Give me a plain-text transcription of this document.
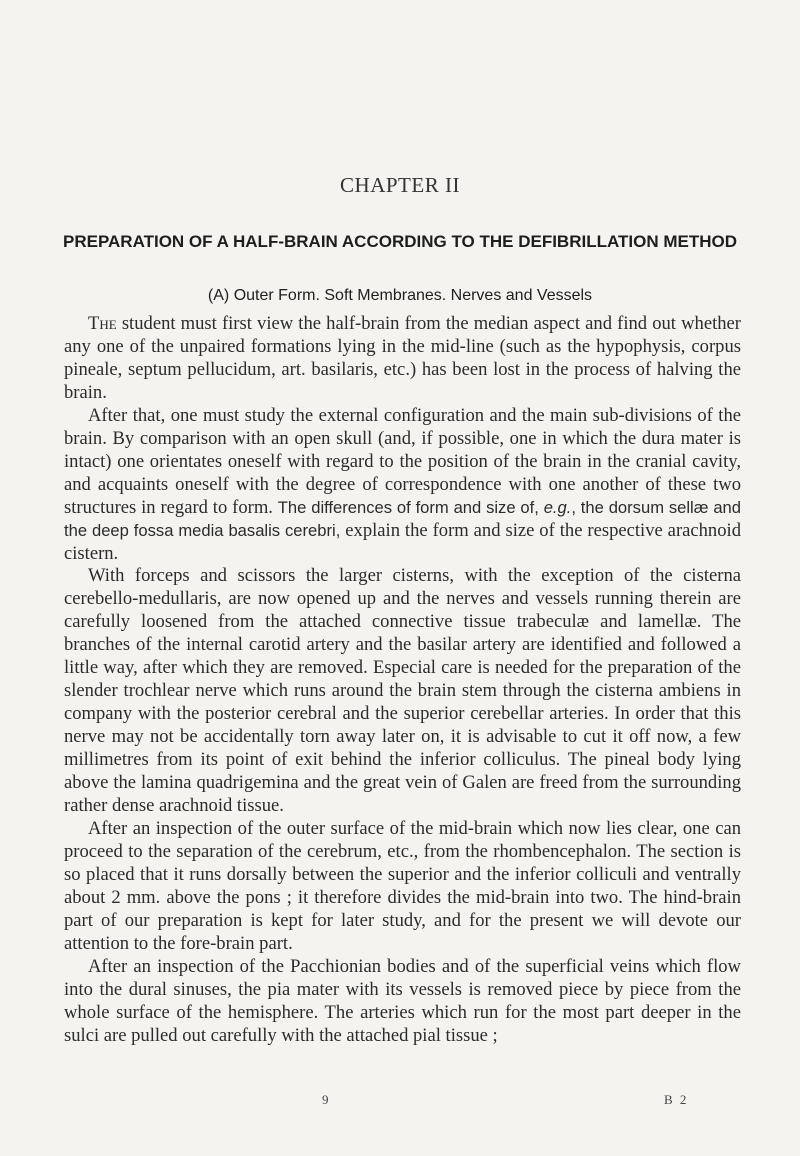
CHAPTER II
PREPARATION OF A HALF-BRAIN ACCORDING TO THE DEFIBRILLATION METHOD
(A) Outer Form. Soft Membranes. Nerves and Vessels

The student must first view the half-brain from the median aspect and find out whether any one of the unpaired formations lying in the mid-line (such as the hypophysis, corpus pineale, septum pellucidum, art. basilaris, etc.) has been lost in the process of halving the brain.

After that, one must study the external configuration and the main sub-divisions of the brain. By comparison with an open skull (and, if possible, one in which the dura mater is intact) one orientates oneself with regard to the position of the brain in the cranial cavity, and acquaints oneself with the degree of correspondence with one another of these two structures in regard to form. The differences of form and size of, e.g., the dorsum sellæ and the deep fossa media basalis cerebri, explain the form and size of the respective arachnoid cistern.

With forceps and scissors the larger cisterns, with the exception of the cisterna cerebello-medullaris, are now opened up and the nerves and vessels running therein are carefully loosened from the attached connective tissue trabeculæ and lamellæ. The branches of the internal carotid artery and the basilar artery are identified and followed a little way, after which they are removed. Especial care is needed for the preparation of the slender trochlear nerve which runs around the brain stem through the cisterna ambiens in company with the posterior cerebral and the superior cerebellar arteries. In order that this nerve may not be accidentally torn away later on, it is advisable to cut it off now, a few millimetres from its point of exit behind the inferior colliculus. The pineal body lying above the lamina quadrigemina and the great vein of Galen are freed from the surrounding rather dense arachnoid tissue.

After an inspection of the outer surface of the mid-brain which now lies clear, one can proceed to the separation of the cerebrum, etc., from the rhombencephalon. The section is so placed that it runs dorsally between the superior and the inferior colliculi and ventrally about 2 mm. above the pons ; it therefore divides the mid-brain into two. The hind-brain part of our preparation is kept for later study, and for the present we will devote our attention to the fore-brain part.

After an inspection of the Pacchionian bodies and of the superficial veins which flow into the dural sinuses, the pia mater with its vessels is removed piece by piece from the whole surface of the hemisphere. The arteries which run for the most part deeper in the sulci are pulled out carefully with the attached pial tissue ;

9	B 2
